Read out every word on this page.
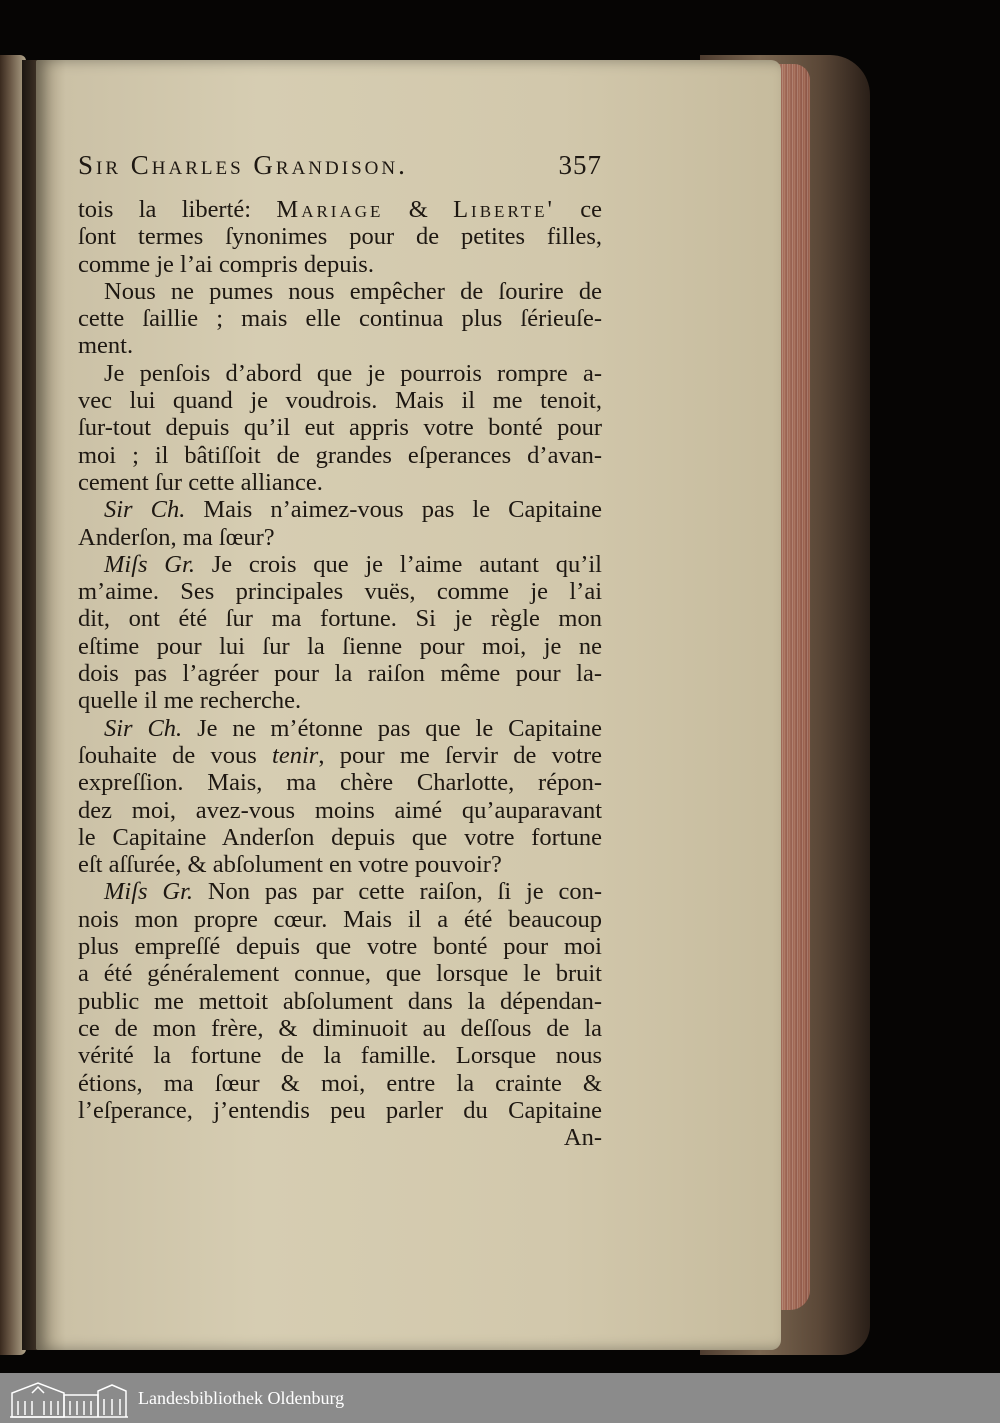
Sir Charles Grandison.	357
tois la liberté: Mariage & Liberte' ce
ſont termes ſynonimes pour de petites filles,
comme je l’ai compris depuis.
Nous ne pumes nous empêcher de ſourire de
cette ſaillie ; mais elle continua plus ſérieuſe-
ment.
Je penſois d’abord que je pourrois rompre a-
vec lui quand je voudrois. Mais il me tenoit,
ſur-tout depuis qu’il eut appris votre bonté pour
moi ; il bâtiſſoit de grandes eſperances d’avan-
cement ſur cette alliance.
Sir Ch. Mais n’aimez-vous pas le Capitaine
Anderſon, ma ſœur?
Miſs Gr. Je crois que je l’aime autant qu’il
m’aime. Ses principales vuës, comme je l’ai
dit, ont été ſur ma fortune. Si je règle mon
eſtime pour lui ſur la ſienne pour moi, je ne
dois pas l’agréer pour la raiſon même pour la-
quelle il me recherche.
Sir Ch. Je ne m’étonne pas que le Capitaine
ſouhaite de vous tenir, pour me ſervir de votre
expreſſion. Mais, ma chère Charlotte, répon-
dez moi, avez-vous moins aimé qu’auparavant
le Capitaine Anderſon depuis que votre fortune
eſt aſſurée, & abſolument en votre pouvoir?
Miſs Gr. Non pas par cette raiſon, ſi je con-
nois mon propre cœur. Mais il a été beaucoup
plus empreſſé depuis que votre bonté pour moi
a été généralement connue, que lorsque le bruit
public me mettoit abſolument dans la dépendan-
ce de mon frère, & diminuoit au deſſous de la
vérité la fortune de la famille. Lorsque nous
étions, ma ſœur & moi, entre la crainte &
l’eſperance, j’entendis peu parler du Capitaine
An-
Landesbibliothek Oldenburg
